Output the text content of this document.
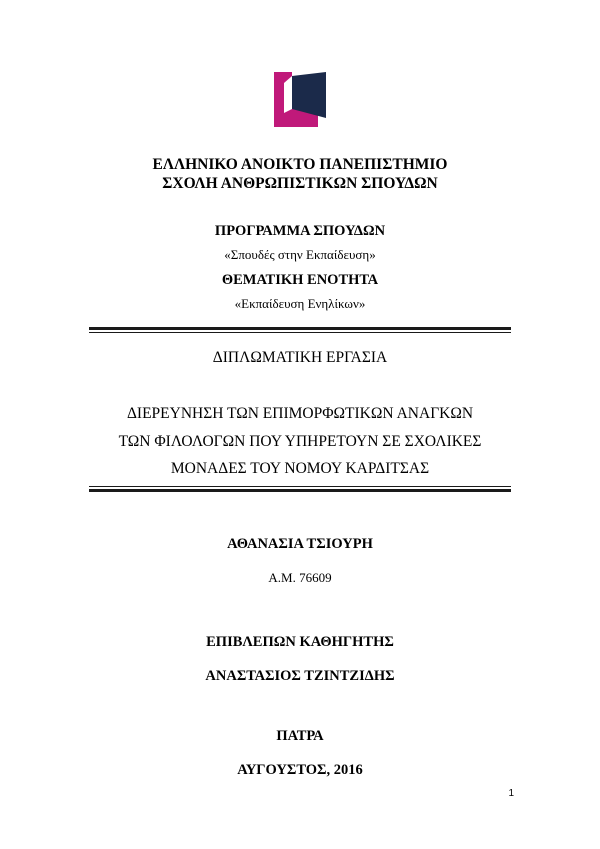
ΕΛΛΗΝΙΚΟ ΑΝΟΙΚΤΟ ΠΑΝΕΠΙΣΤΗΜΙΟ
ΣΧΟΛΗ ΑΝΘΡΩΠΙΣΤΙΚΩΝ ΣΠΟΥΔΩΝ
ΠΡΟΓΡΑΜΜΑ ΣΠΟΥΔΩΝ
«Σπουδές στην Εκπαίδευση»
ΘΕΜΑΤΙΚΗ ΕΝΟΤΗΤΑ
«Εκπαίδευση Ενηλίκων»
ΔΙΠΛΩΜΑΤΙΚΗ ΕΡΓΑΣΙΑ
ΔΙΕΡΕΥΝΗΣΗ ΤΩΝ ΕΠΙΜΟΡΦΩΤΙΚΩΝ ΑΝΑΓΚΩΝ
ΤΩΝ ΦΙΛΟΛΟΓΩΝ ΠΟΥ ΥΠΗΡΕΤΟΥΝ ΣΕ ΣΧΟΛΙΚΕΣ
ΜΟΝΑΔΕΣ ΤΟΥ ΝΟΜΟΥ ΚΑΡΔΙΤΣΑΣ
ΑΘΑΝΑΣΙΑ ΤΣΙΟΥΡΗ
Α.Μ. 76609
ΕΠΙΒΛΕΠΩΝ ΚΑΘΗΓΗΤΗΣ
ΑΝΑΣΤΑΣΙΟΣ ΤΖΙΝΤΖΙΔΗΣ
ΠΑΤΡΑ
ΑΥΓΟΥΣΤΟΣ, 2016
1
